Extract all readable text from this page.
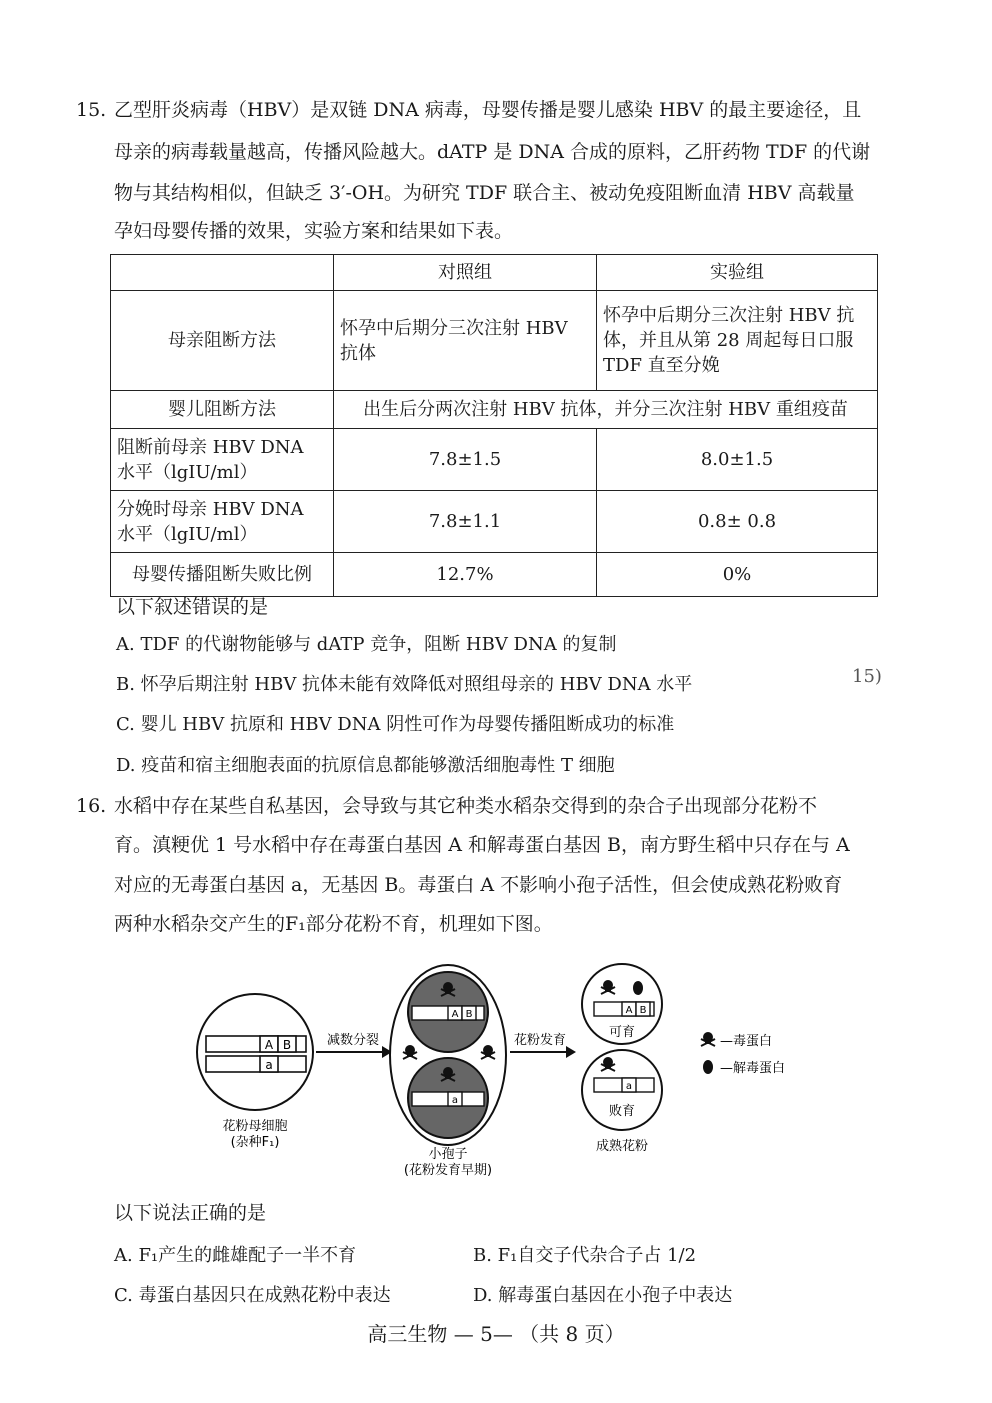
15. 乙型肝炎病毒（HBV）是双链 DNA 病毒，母婴传播是婴儿感染 HBV 的最主要途径，且
母亲的病毒载量越高，传播风险越大。dATP 是 DNA 合成的原料，乙肝药物 TDF 的代谢
物与其结构相似，但缺乏 3′-OH。为研究 TDF 联合主、被动免疫阻断血清 HBV 高载量
孕妇母婴传播的效果，实验方案和结果如下表。
	对照组	实验组
母亲阻断方法	怀孕中后期分三次注射 HBV 抗体	怀孕中后期分三次注射 HBV 抗体，并且从第 28 周起每日口服 TDF 直至分娩
婴儿阻断方法	出生后分两次注射 HBV 抗体，并分三次注射 HBV 重组疫苗	
阻断前母亲 HBV DNA 水平（lgIU/ml）	7.8±1.5	8.0±1.5
分娩时母亲 HBV DNA 水平（lgIU/ml）	7.8±1.1	0.8± 0.8
母婴传播阻断失败比例	12.7%	0%
以下叙述错误的是
A. TDF 的代谢物能够与 dATP 竞争，阻断 HBV DNA 的复制
B. 怀孕后期注射 HBV 抗体未能有效降低对照组母亲的 HBV DNA 水平
C. 婴儿 HBV 抗原和 HBV DNA 阴性可作为母婴传播阻断成功的标准
D. 疫苗和宿主细胞表面的抗原信息都能够激活细胞毒性 T 细胞
15)
16. 水稻中存在某些自私基因，会导致与其它种类水稻杂交得到的杂合子出现部分花粉不
育。滇粳优 1 号水稻中存在毒蛋白基因 A 和解毒蛋白基因 B，南方野生稻中只存在与 A
对应的无毒蛋白基因 a，无基因 B。毒蛋白 A 不影响小孢子活性，但会使成熟花粉败育
两种水稻杂交产生的F₁部分花粉不育，机理如下图。
A B
a
花粉母细胞
(杂种F₁)
减数分裂
A B
a
小孢子
(花粉发育早期)
花粉发育
A B
可育
a
败育
成熟花粉
—毒蛋白
—解毒蛋白
以下说法正确的是
A. F₁产生的雌雄配子一半不育	B. F₁自交子代杂合子占 1/2
C. 毒蛋白基因只在成熟花粉中表达	D. 解毒蛋白基因在小孢子中表达
高三生物 — 5— （共 8 页）
